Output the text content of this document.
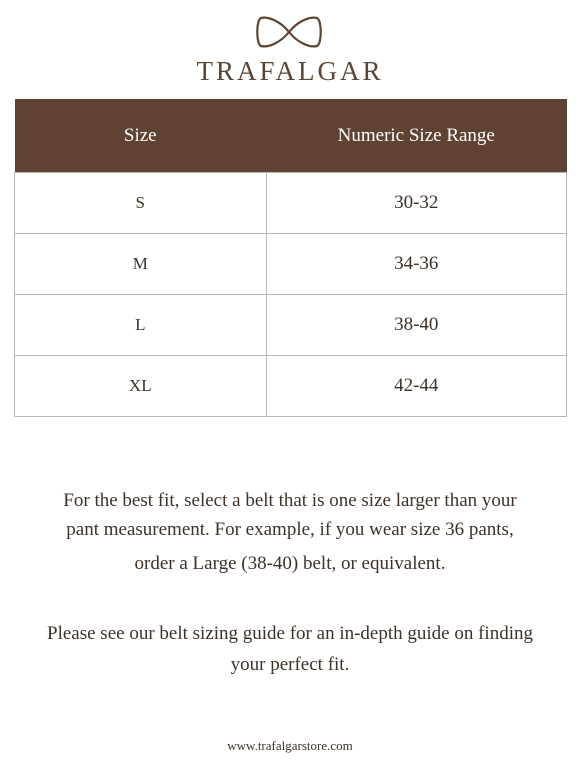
TRAFALGAR
Size	Numeric Size Range
S	30-32
M	34-36
L	38-40
XL	42-44
For the best fit, select a belt that is one size larger than your
pant measurement. For example, if you wear size 36 pants,
order a Large (38-40) belt, or equivalent.
Please see our belt sizing guide for an in-depth guide on finding
your perfect fit.
www.trafalgarstore.com
